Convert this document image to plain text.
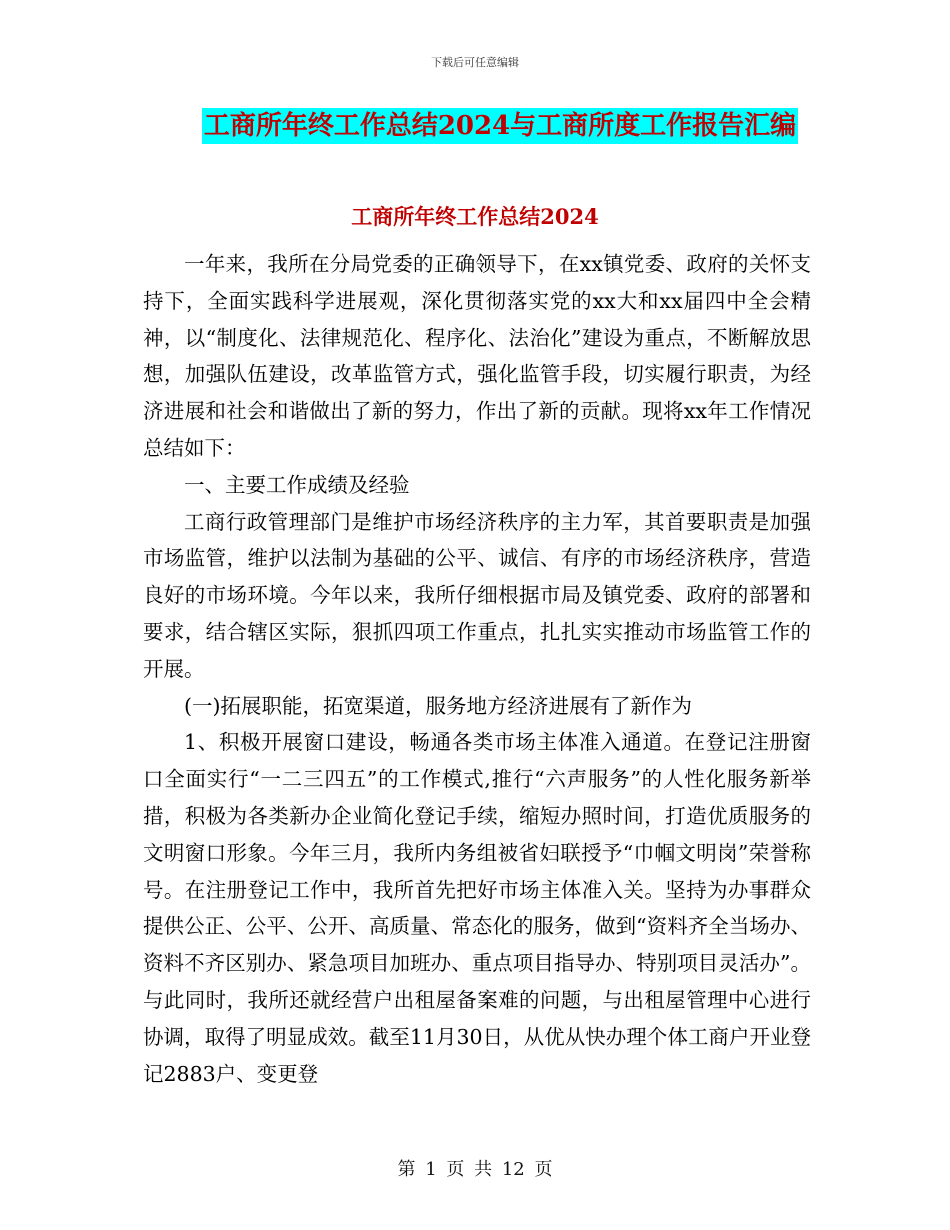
下载后可任意编辑
工商所年终工作总结2024与工商所度工作报告汇编
工商所年终工作总结2024

一年来，我所在分局党委的正确领导下，在xx镇党委、政府的关怀支持下，全面实践科学进展观，深化贯彻落实党的xx大和xx届四中全会精神，以“制度化、法律规范化、程序化、法治化”建设为重点，不断解放思想，加强队伍建设，改革监管方式，强化监管手段，切实履行职责，为经济进展和社会和谐做出了新的努力，作出了新的贡献。现将xx年工作情况总结如下：

一、主要工作成绩及经验

工商行政管理部门是维护市场经济秩序的主力军，其首要职责是加强市场监管，维护以法制为基础的公平、诚信、有序的市场经济秩序，营造良好的市场环境。今年以来，我所仔细根据市局及镇党委、政府的部署和要求，结合辖区实际，狠抓四项工作重点，扎扎实实推动市场监管工作的开展。

(一)拓展职能，拓宽渠道，服务地方经济进展有了新作为

1、积极开展窗口建设，畅通各类市场主体准入通道。在登记注册窗口全面实行“一二三四五”的工作模式,推行“六声服务”的人性化服务新举措，积极为各类新办企业简化登记手续，缩短办照时间，打造优质服务的文明窗口形象。今年三月，我所内务组被省妇联授予“巾帼文明岗”荣誉称号。在注册登记工作中，我所首先把好市场主体准入关。坚持为办事群众提供公正、公平、公开、高质量、常态化的服务，做到“资料齐全当场办、资料不齐区别办、紧急项目加班办、重点项目指导办、特别项目灵活办”。与此同时，我所还就经营户出租屋备案难的问题，与出租屋管理中心进行协调，取得了明显成效。截至11月30日，从优从快办理个体工商户开业登记2883户、变更登

第 1 页 共 12 页
